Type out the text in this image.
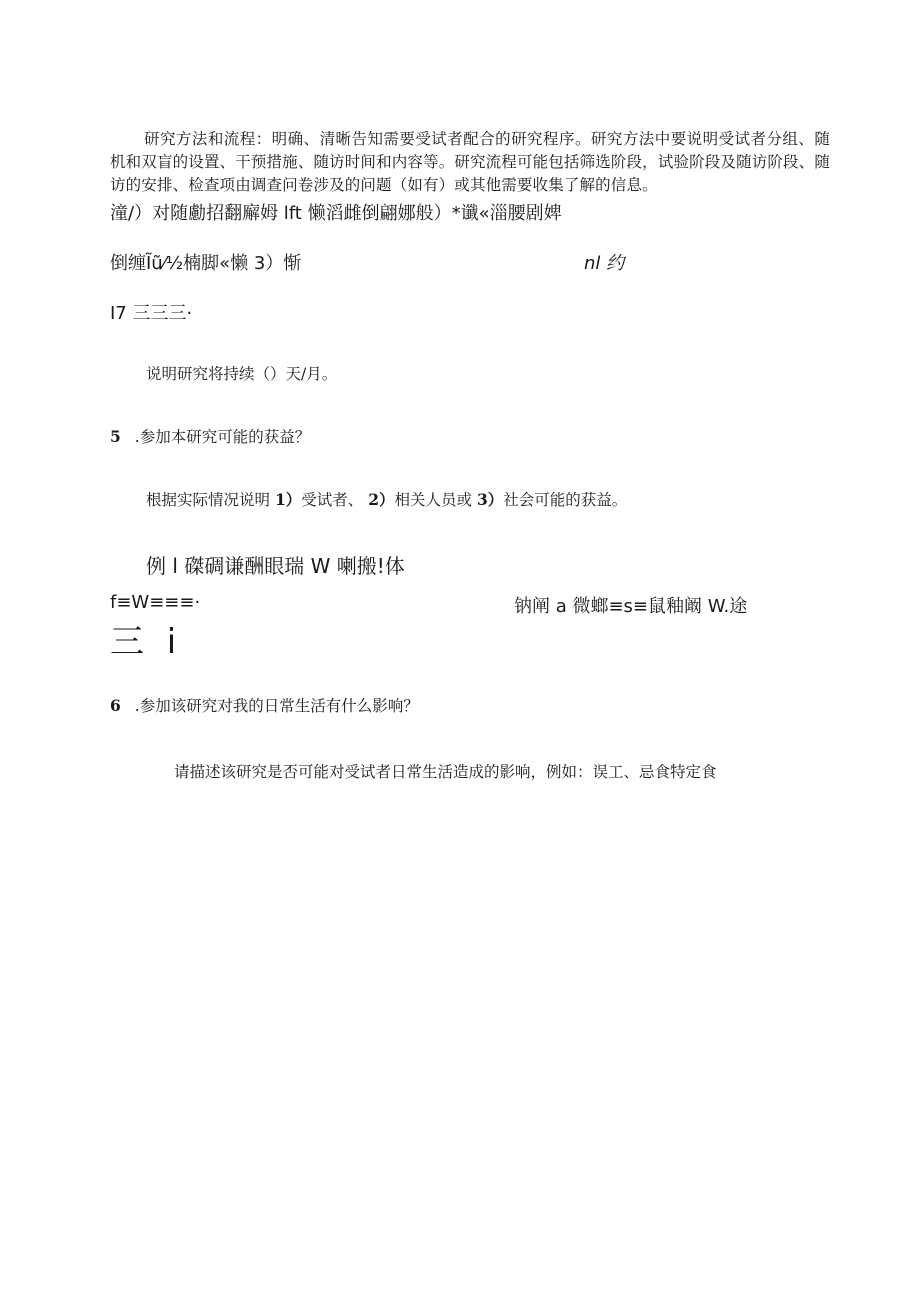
研究方法和流程：明确、清晰告知需要受试者配合的研究程序。研究方法中要说明受试者分组、随机和双盲的设置、干预措施、随访时间和内容等。研究流程可能包括筛选阶段，试验阶段及随访阶段、随访的安排、检查项由调查问卷涉及的问题（如有）或其他需要收集了解的信息。
潼/）对随勴招翻廨姆 lft 懒滔雌倒翩娜般）*谶«淄腰剧婢
倒缠Ĩũ⁄½楠脚«懒 3）惭	nl 约
I7 三三三·
说明研究将持续（）天/月。
5 .参加本研究可能的获益？
根据实际情况说明 1）受试者、 2）相关人员或 3）社会可能的获益。
例 l 磔碉谦酬眼瑞 W 喇搬!体
f≡W≡≡≡·	钠阐 a 微螂≡s≡鼠釉阚 W.途
三 i
6 .参加该研究对我的日常生活有什么影响？
请描述该研究是否可能对受试者日常生活造成的影响，例如：误工、忌食特定食
